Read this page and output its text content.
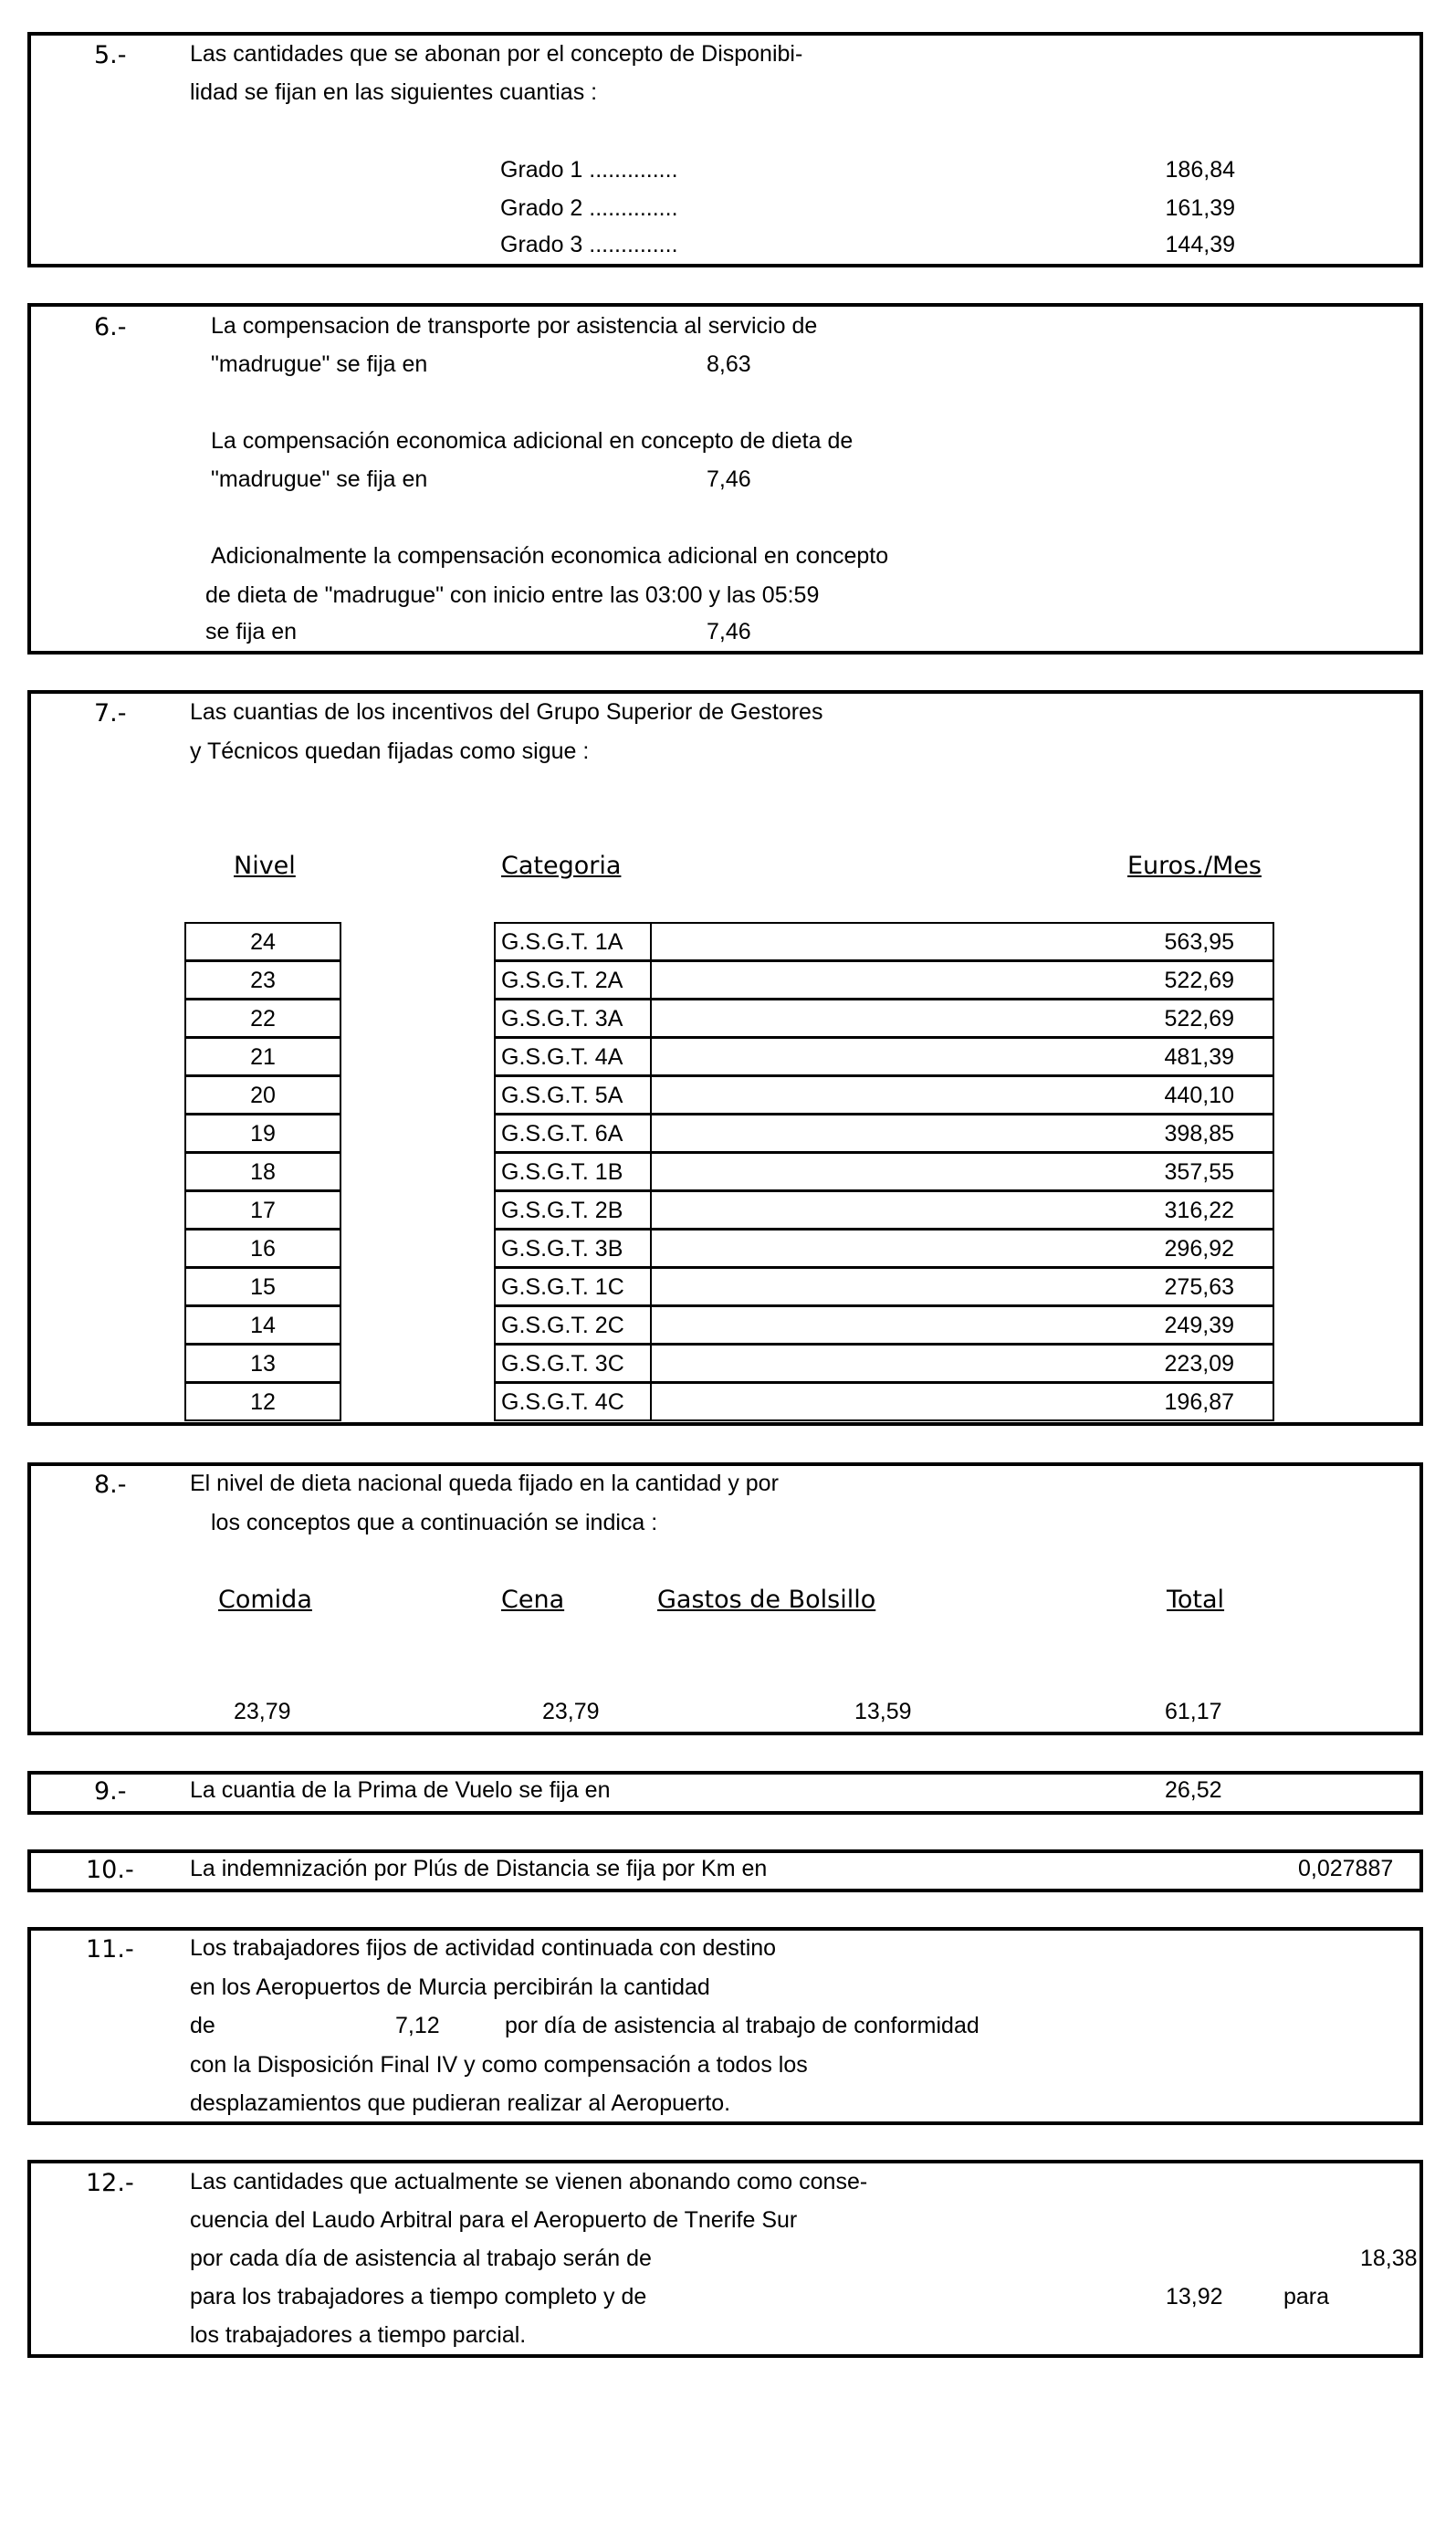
5.-	Las cantidades que se abonan por el concepto de Disponibi-
lidad se fijan en las siguientes cuantias :
Grado 1 ..............	186,84
Grado 2 ..............	161,39
Grado 3 ..............	144,39
6.-	La compensacion de transporte por asistencia al servicio de
"madrugue" se fija en	8,63
La compensación economica adicional en concepto de dieta de
"madrugue" se fija en	7,46
Adicionalmente la compensación economica adicional en concepto
de dieta de "madrugue" con inicio entre las 03:00 y las 05:59
se fija en	7,46
7.-	Las cuantias de los incentivos del Grupo Superior de Gestores
y Técnicos quedan fijadas como sigue :
Nivel	Categoria	Euros./Mes
24	G.S.G.T. 1A	563,95
23	G.S.G.T. 2A	522,69
22	G.S.G.T. 3A	522,69
21	G.S.G.T. 4A	481,39
20	G.S.G.T. 5A	440,10
19	G.S.G.T. 6A	398,85
18	G.S.G.T. 1B	357,55
17	G.S.G.T. 2B	316,22
16	G.S.G.T. 3B	296,92
15	G.S.G.T. 1C	275,63
14	G.S.G.T. 2C	249,39
13	G.S.G.T. 3C	223,09
12	G.S.G.T. 4C	196,87
8.-	El nivel de dieta nacional queda fijado en la cantidad y por
los conceptos que a continuación se indica :
Comida	Cena	Gastos de Bolsillo	Total
23,79	23,79	13,59	61,17
9.-	La cuantia de la Prima de Vuelo se fija en	26,52
10.- La indemnización por Plús de Distancia se fija por Km en	0,027887
11.- Los trabajadores fijos de actividad continuada con destino
en los Aeropuertos de Murcia percibirán la cantidad
de	7,12	por día de asistencia al trabajo de conformidad
con la Disposición Final IV y como compensación a todos los
desplazamientos que pudieran realizar al Aeropuerto.
12.- Las cantidades que actualmente se vienen abonando como conse-
cuencia del Laudo Arbitral para el Aeropuerto de Tnerife Sur
por cada día de asistencia al trabajo serán de	18,38
para los trabajadores a tiempo completo y de	13,92	para
los trabajadores a tiempo parcial.
